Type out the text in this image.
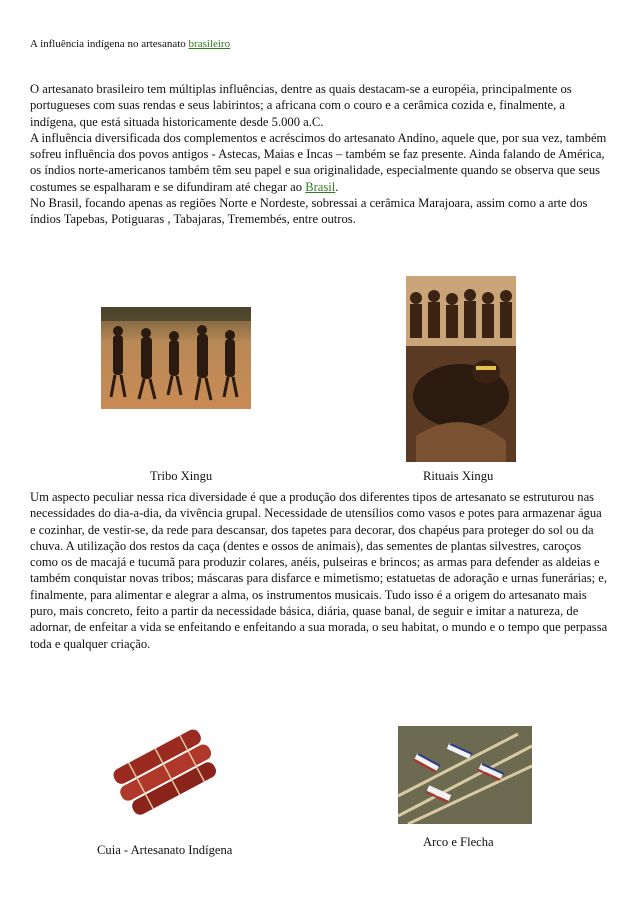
A influência indígena no artesanato brasileiro

O artesanato brasileiro tem múltiplas influências, dentre as quais destacam-se a européia, principalmente os portugueses com suas rendas e seus labirintos; a africana com o couro e a cerâmica cozida e, finalmente, a indígena, que está situada historicamente desde 5.000 a.C.

A influência diversificada dos complementos e acréscimos do artesanato Andino, aquele que, por sua vez, também sofreu influência dos povos antigos - Astecas, Maias e Incas – também se faz presente. Ainda falando de América, os índios norte-americanos também têm seu papel e sua originalidade, especialmente quando se observa que seus costumes se espalharam e se difundiram até chegar ao Brasil.

No Brasil, focando apenas as regiões Norte e Nordeste, sobressai a cerâmica Marajoara, assim como a arte dos índios Tapebas, Potiguaras , Tabajaras, Tremembés, entre outros.

Tribo Xingu	Rituais Xingu

Um aspecto peculiar nessa rica diversidade é que a produção dos diferentes tipos de artesanato se estruturou nas necessidades do dia-a-dia, da vivência grupal. Necessidade de utensílios como vasos e potes para armazenar água e cozinhar, de vestir-se, da rede para descansar, dos tapetes para decorar, dos chapéus para proteger do sol ou da chuva. A utilização dos restos da caça (dentes e ossos de animais), das sementes de plantas silvestres, caroços como os de macajá e tucumã para produzir colares, anéis, pulseiras e brincos; as armas para defender as aldeias e também conquistar novas tribos; máscaras para disfarce e mimetismo; estatuetas de adoração e urnas funerárias; e, finalmente, para alimentar e alegrar a alma, os instrumentos musicais. Tudo isso é a origem do artesanato mais puro, mais concreto, feito a partir da necessidade básica, diária, quase banal, de seguir e imitar a natureza, de adornar, de enfeitar a vida se enfeitando e enfeitando a sua morada, o seu habitat, o mundo e o tempo que perpassa toda e qualquer criação.

Cuia - Artesanato Indígena
Arco e Flecha
